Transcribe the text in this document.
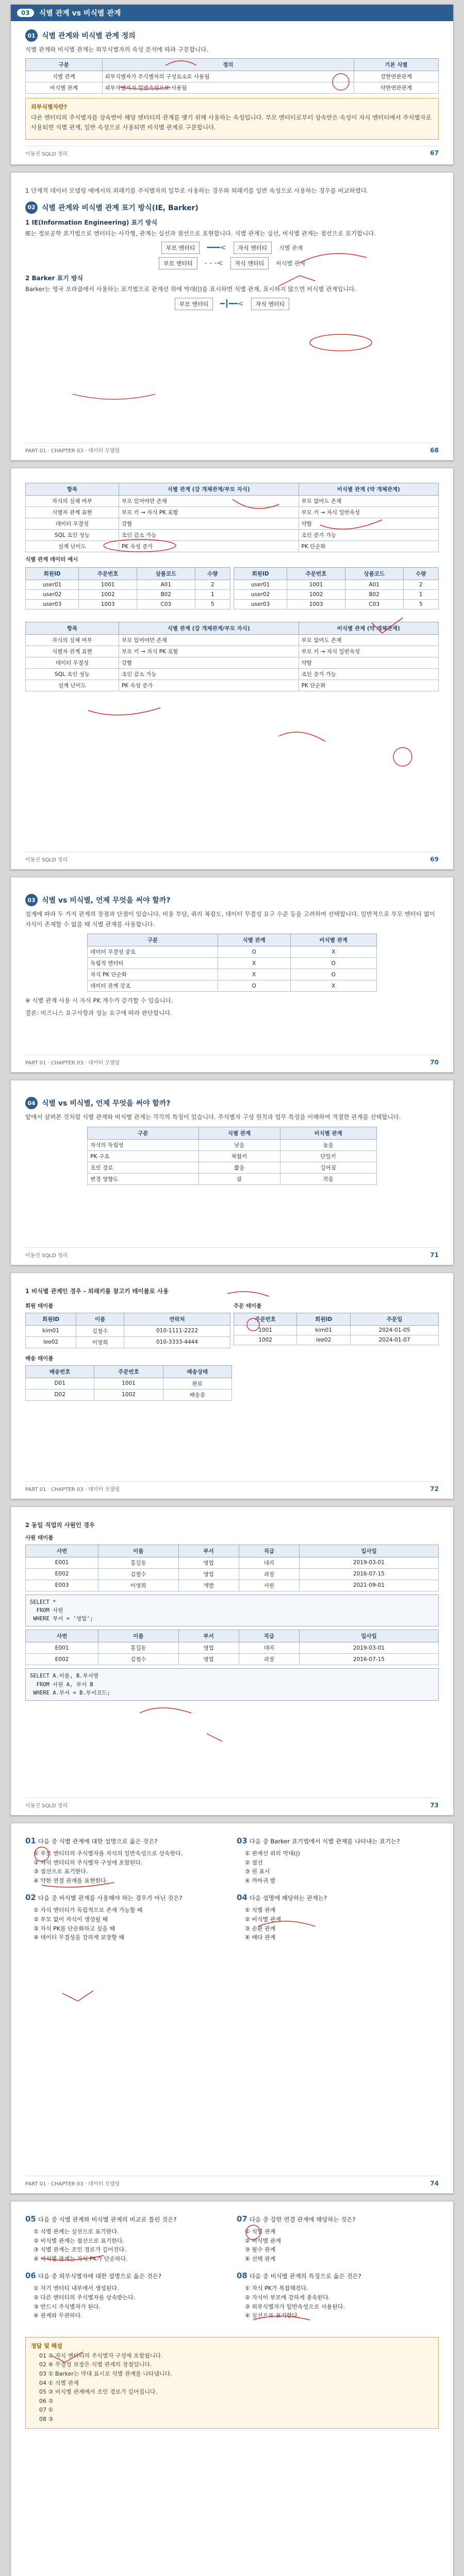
03	식별 관계 vs 비식별 관계
01 식별 관계와 비식별 관계 정의

식별 관계와 비식별 관계는 외부식별자의 속성 분석에 따라 구분합니다.

구분	정의	기본 식별
식별 관계	외부식별자가 주식별자의 구성요소로 사용됨	강한연관관계
비식별 관계	외부식별자가 일반속성으로 사용됨	약한연관관계
외부식별자란?

다른 엔터티의 주식별자를 상속받아 해당 엔터티의 관계를 맺기 위해 사용하는 속성입니다. 부모 엔터티로부터 상속받은 속성이 자식 엔터티에서 주식별자로 사용되면 식별 관계, 일반 속성으로 사용되면 비식별 관계로 구분합니다.

이동진 SQLD 정리	67

1 단계적 데이터 모델링 예에서의 외래키를 주식별자의 일부로 사용하는 경우와 외래키를 일반 속성으로 사용하는 경우를 비교하였다.

02 식별 관계와 비식별 관계 표기 방식(IE, Barker)
1 IE(Information Engineering) 표기 방식

IE는 정보공학 표기법으로 엔터티는 사각형, 관계는 실선과 점선으로 표현합니다. 식별 관계는 실선, 비식별 관계는 점선으로 표기합니다.

부모 엔터티	━━━<	자식 엔터티	식별 관계
부모 엔터티	- - -<	자식 엔터티	비식별 관계
2 Barker 표기 방식

Barker는 영국 오라클에서 사용하는 표기법으로 관계선 위에 막대(|)를 표시하면 식별 관계, 표시하지 않으면 비식별 관계입니다.

부모 엔터티	━┃━━<	자식 엔터티
PART 01 · CHAPTER 03 · 데이터 모델링	68
항목	식별 관계 (강 개체관계/부모 자식)	비식별 관계 (약 개체관계)
자식의 실체 여부	부모 있어야만 존재	부모 없어도 존재
식별자 관계 표현	부모 키 → 자식 PK 포함	부모 키 → 자식 일반속성
데이터 무결성	강함	약함
SQL 조인 성능	조인 감소 가능	조인 증가 가능
설계 난이도	PK 속성 증가	PK 단순화
식별 관계 데이터 예시
회원ID	주문번호	상품코드	수량
user01	1001	A01	2
user02	1002	B02	1
user03	1003	C03	5
회원ID	주문번호	상품코드	수량
user01	1001	A01	2
user02	1002	B02	1
user03	1003	C03	5
항목	식별 관계 (강 개체관계/부모 자식)	비식별 관계 (약 개체관계)
자식의 실체 여부	부모 있어야만 존재	부모 없어도 존재
식별자 관계 표현	부모 키 → 자식 PK 포함	부모 키 → 자식 일반속성
데이터 무결성	강함	약함
SQL 조인 성능	조인 감소 가능	조인 증가 가능
설계 난이도	PK 속성 증가	PK 단순화
이동진 SQLD 정리	69
03 식별 vs 비식별, 언제 무엇을 써야 할까?

설계에 따라 두 가지 관계의 장점과 단점이 있습니다. 비용 부담, 쿼리 복잡도, 데이터 무결성 요구 수준 등을 고려하여 선택합니다. 일반적으로 부모 엔터티 없이 자식이 존재할 수 없을 때 식별 관계를 사용합니다.

구분	식별 관계	비식별 관계
데이터 무결성 중요	O	X
독립적 엔터티	X	O
자식 PK 단순화	X	O
데이터 관계 강조	O	X

※ 식별 관계 사용 시 자식 PK 개수가 증가할 수 있습니다.

결론: 비즈니스 요구사항과 성능 요구에 따라 판단합니다.

PART 01 · CHAPTER 03 · 데이터 모델링	70
04 식별 vs 비식별, 언제 무엇을 써야 할까?

앞에서 살펴본 것처럼 식별 관계와 비식별 관계는 각각의 특징이 있습니다. 주식별자 구성 원칙과 업무 특성을 이해하여 적절한 관계를 선택합니다.

구분	식별 관계	비식별 관계
자식의 독립성	낮음	높음
PK 구조	복합키	단일키
조인 경로	짧음	길어짐
변경 영향도	큼	작음
이동진 SQLD 정리	71

1 비식별 관계인 경우 - 외래키를 참고키 테이블로 사용

회원 테이블
회원ID	이름	연락처
kim01	김철수	010-1111-2222
lee02	이영희	010-3333-4444
주문 테이블
주문번호	회원ID	주문일
1001	kim01	2024-01-05
1002	lee02	2024-01-07
배송 테이블
배송번호	주문번호	배송상태
D01	1001	완료
D02	1002	배송중
PART 01 · CHAPTER 03 · 데이터 모델링	72

2 동일 직업의 사원인 경우

사원 테이블
사번	이름	부서	직급	입사일
E001	홍길동	영업	대리	2019-03-01
E002	김철수	영업	과장	2016-07-15
E003	이영희	개발	사원	2021-09-01
SELECT *
FROM 사원
WHERE 부서 = '영업';
사번	이름	부서	직급	입사일
E001	홍길동	영업	대리	2019-03-01
E002	김철수	영업	과장	2016-07-15
SELECT A.이름, B.부서명
FROM 사원 A, 부서 B
WHERE A.부서 = B.부서코드;
이동진 SQLD 정리	73
01 다음 중 식별 관계에 대한 설명으로 옳은 것은?
① 부모 엔터티의 주식별자를 자식의 일반속성으로 상속한다.
② 자식 엔터티의 주식별자 구성에 포함된다.
③ 점선으로 표기한다.
④ 약한 연결 관계를 표현한다.
02 다음 중 비식별 관계를 사용해야 하는 경우가 아닌 것은?
① 자식 엔터티가 독립적으로 존재 가능할 때
② 부모 없이 자식이 생성될 때
③ 자식 PK를 단순화하고 싶을 때
④ 데이터 무결성을 강하게 보장할 때
03 다음 중 Barker 표기법에서 식별 관계를 나타내는 표기는?
① 관계선 위의 막대(|)
② 점선
③ 원 표시
④ 까마귀 발
04 다음 설명에 해당하는 관계는?
① 식별 관계
② 비식별 관계
③ 순환 관계
④ 배타 관계
PART 01 · CHAPTER 03 · 데이터 모델링	74
05 다음 중 식별 관계와 비식별 관계의 비교로 틀린 것은?
① 식별 관계는 실선으로 표기한다.
② 비식별 관계는 점선으로 표기한다.
③ 식별 관계는 조인 경로가 길어진다.
④ 비식별 관계는 자식 PK가 단순하다.
06 다음 중 외부식별자에 대한 설명으로 옳은 것은?
① 자기 엔터티 내부에서 생성된다.
② 다른 엔터티의 주식별자를 상속받는다.
③ 반드시 주식별자가 된다.
④ 관계와 무관하다.
07 다음 중 강한 연결 관계에 해당하는 것은?
① 식별 관계
② 비식별 관계
③ 필수 관계
④ 선택 관계
08 다음 중 비식별 관계의 특징으로 옳은 것은?
① 자식 PK가 복잡해진다.
② 자식이 부모에 강하게 종속된다.
③ 외부식별자가 일반속성으로 사용된다.
④ 실선으로 표기한다.
정답 및 해설
01 ② 자식 엔터티의 주식별자 구성에 포함됩니다.
02 ④ 무결성 보장은 식별 관계의 장점입니다.
03 ① Barker는 막대 표시로 식별 관계를 나타냅니다.
04 ① 식별 관계
05 ③ 비식별 관계에서 조인 경로가 길어집니다.
06 ②
07 ①
08 ③
